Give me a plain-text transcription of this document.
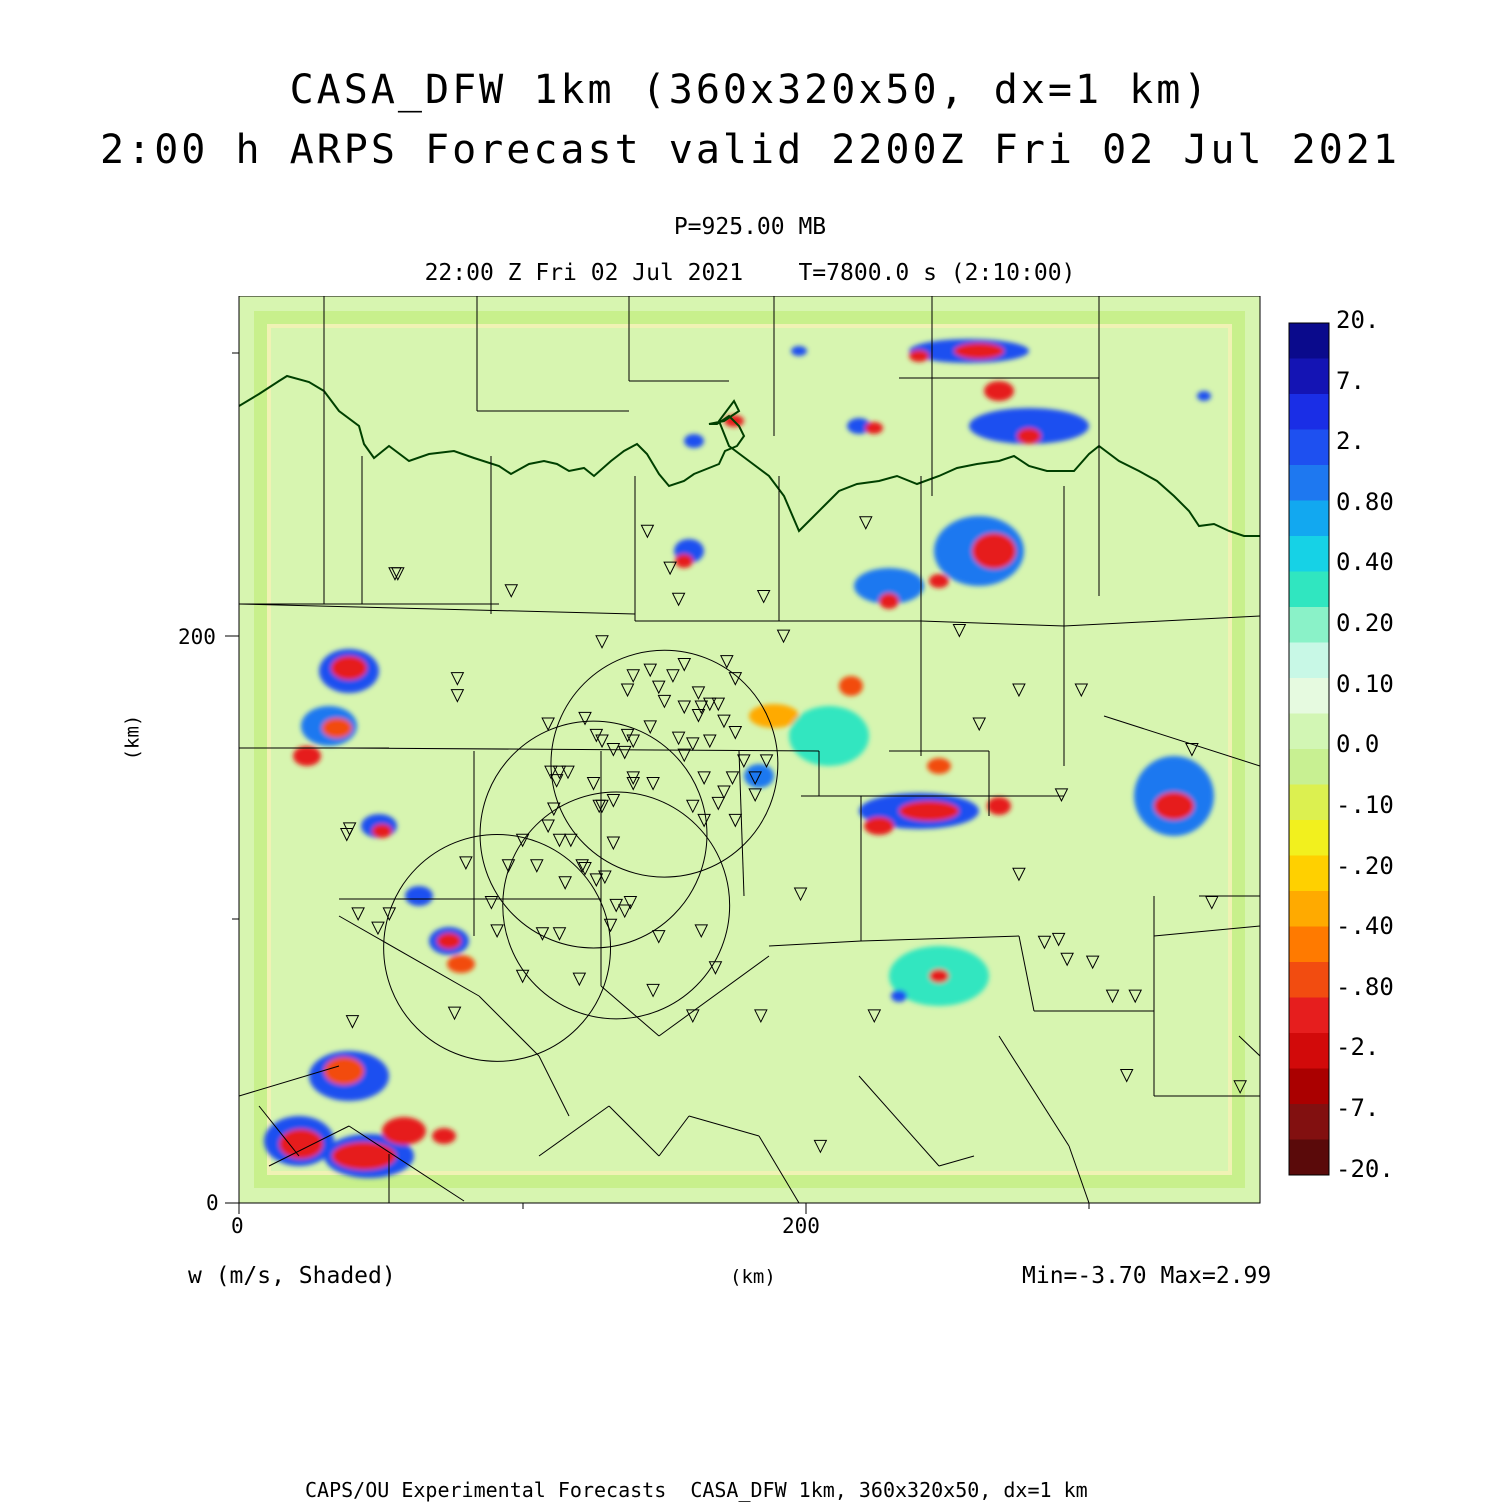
CASA_DFW 1km (360x320x50, dx=1 km)
2:00 h ARPS Forecast valid 2200Z Fri 02 Jul 2021
P=925.00 MB
22:00 Z Fri 02 Jul 2021    T=7800.0 s (2:10:00)
200
0
0	200
(km)
(km)
w (m/s, Shaded)	Min=-3.70 Max=2.99
CAPS/OU Experimental Forecasts  CASA_DFW 1km, 360x320x50, dx=1 km
20.
7.
2.
0.80
0.40
0.20
0.10
0.0
-.10
-.20
-.40
-.80
-2.
-7.
-20.
